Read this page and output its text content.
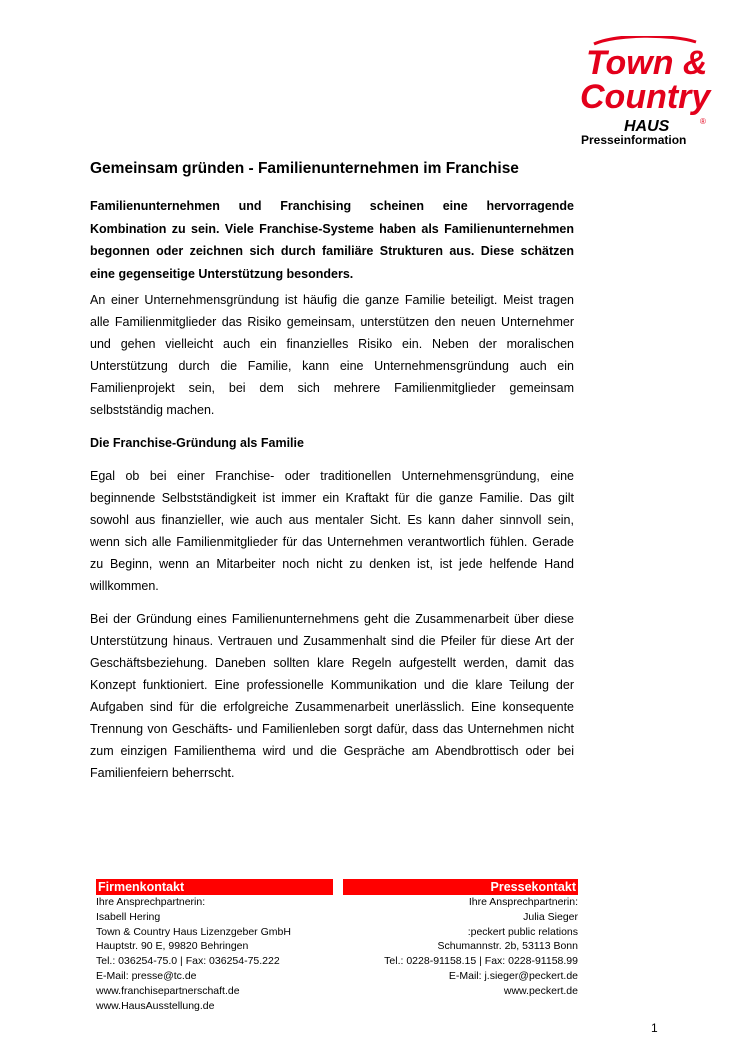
Town &
Country
HAUS	®
Presseinformation
Gemeinsam gründen - Familienunternehmen im Franchise

Familienunternehmen und Franchising scheinen eine hervorragende Kombination zu sein. Viele Franchise-Systeme haben als Familienunternehmen begonnen oder zeichnen sich durch familiäre Strukturen aus. Diese schätzen eine gegenseitige Unterstützung besonders.

An einer Unternehmensgründung ist häufig die ganze Familie beteiligt. Meist tragen alle Familienmitglieder das Risiko gemeinsam, unterstützen den neuen Unternehmer und gehen vielleicht auch ein finanzielles Risiko ein. Neben der moralischen Unterstützung durch die Familie, kann eine Unternehmensgründung auch ein Familienprojekt sein, bei dem sich mehrere Familienmitglieder gemeinsam selbstständig machen.

Die Franchise-Gründung als Familie

Egal ob bei einer Franchise- oder traditionellen Unternehmensgründung, eine beginnende Selbstständigkeit ist immer ein Kraftakt für die ganze Familie. Das gilt sowohl aus finanzieller, wie auch aus mentaler Sicht. Es kann daher sinnvoll sein, wenn sich alle Familienmitglieder für das Unternehmen verantwortlich fühlen. Gerade zu Beginn, wenn an Mitarbeiter noch nicht zu denken ist, ist jede helfende Hand willkommen.

Bei der Gründung eines Familienunternehmens geht die Zusammenarbeit über diese Unterstützung hinaus. Vertrauen und Zusammenhalt sind die Pfeiler für diese Art der Geschäftsbeziehung. Daneben sollten klare Regeln aufgestellt werden, damit das Konzept funktioniert. Eine professionelle Kommunikation und die klare Teilung der Aufgaben sind für die erfolgreiche Zusammenarbeit unerlässlich. Eine konsequente Trennung von Geschäfts- und Familienleben sorgt dafür, dass das Unternehmen nicht zum einzigen Familienthema wird und die Gespräche am Abendbrottisch oder bei Familienfeiern beherrscht.

Firmenkontakt
Ihre Ansprechpartnerin:
Isabell Hering
Town & Country Haus Lizenzgeber GmbH
Hauptstr. 90 E, 99820 Behringen
Tel.: 036254-75.0 | Fax: 036254-75.222
E-Mail: presse@tc.de
www.franchisepartnerschaft.de
www.HausAusstellung.de
Pressekontakt
Ihre Ansprechpartnerin:
Julia Sieger
:peckert public relations
Schumannstr. 2b, 53113 Bonn
Tel.: 0228-91158.15 | Fax: 0228-91158.99
E-Mail: j.sieger@peckert.de
www.peckert.de
1
